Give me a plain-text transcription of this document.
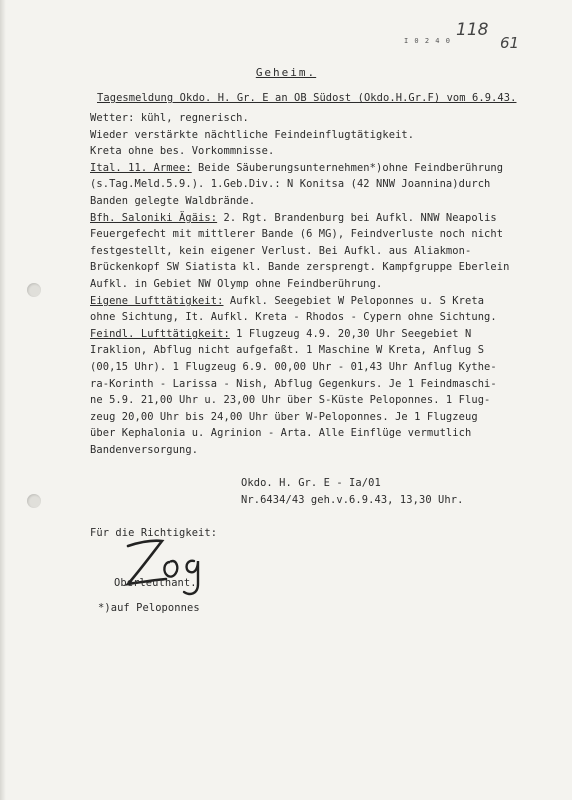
I 0 2 4 0
118
61
Geheim.
Tagesmeldung Okdo. H. Gr. E an OB Südost (Okdo.H.Gr.F) vom 6.9.43.
Wetter: kühl, regnerisch.
Wieder verstärkte nächtliche Feindeinflugtätigkeit.
Kreta ohne bes. Vorkommnisse.
Ital. 11. Armee: Beide Säuberungsunternehmen*)ohne Feindberührung
(s.Tag.Meld.5.9.). 1.Geb.Div.: N Konitsa (42 NNW Joannina)durch
Banden gelegte Waldbrände.
Bfh. Saloniki Ägäis: 2. Rgt. Brandenburg bei Aufkl. NNW Neapolis
Feuergefecht mit mittlerer Bande (6 MG), Feindverluste noch nicht
festgestellt, kein eigener Verlust. Bei Aufkl. aus Aliakmon-
Brückenkopf SW Siatista kl. Bande zersprengt. Kampfgruppe Eberlein
Aufkl. in Gebiet NW Olymp ohne Feindberührung.
Eigene Lufttätigkeit: Aufkl. Seegebiet W Peloponnes u. S Kreta
ohne Sichtung, It. Aufkl. Kreta - Rhodos - Cypern ohne Sichtung.
Feindl. Lufttätigkeit: 1 Flugzeug 4.9. 20,30 Uhr Seegebiet N
Iraklion, Abflug nicht aufgefaßt. 1 Maschine W Kreta, Anflug S
(00,15 Uhr). 1 Flugzeug 6.9. 00,00 Uhr - 01,43 Uhr Anflug Kythe-
ra-Korinth - Larissa - Nish, Abflug Gegenkurs. Je 1 Feindmaschi-
ne 5.9. 21,00 Uhr u. 23,00 Uhr über S-Küste Peloponnes. 1 Flug-
zeug 20,00 Uhr bis 24,00 Uhr über W-Peloponnes. Je 1 Flugzeug
über Kephalonia u. Agrinion - Arta. Alle Einflüge vermutlich
Bandenversorgung.
Okdo. H. Gr. E - Ia/01
Nr.6434/43 geh.v.6.9.43, 13,30 Uhr.
Für die Richtigkeit:
Oberleutnant.
*)auf Peloponnes
